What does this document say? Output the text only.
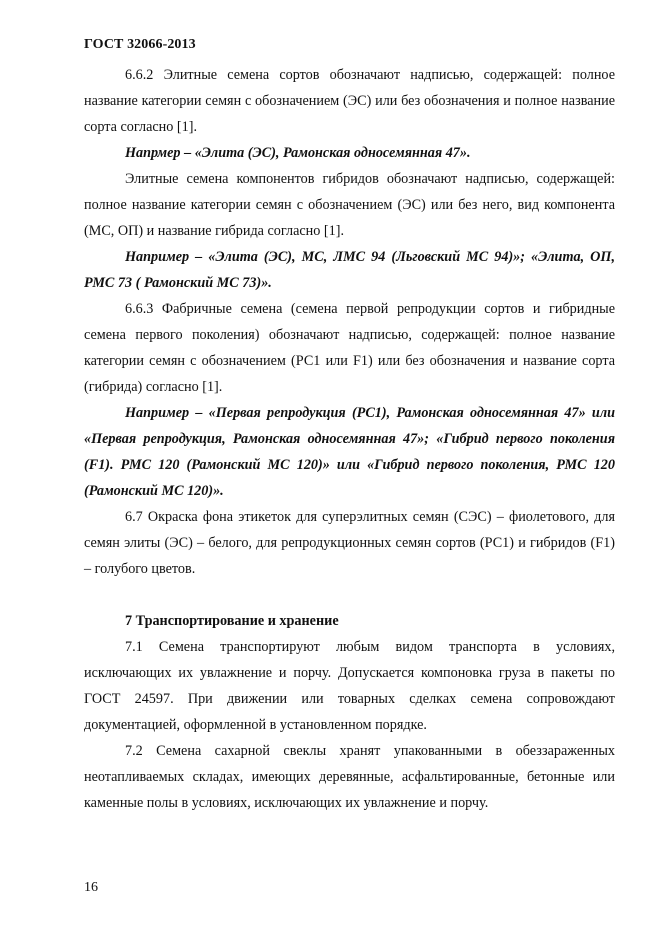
ГОСТ 32066-2013

6.6.2 Элитные семена сортов обозначают надписью, содержащей: полное название категории семян с обозначением (ЭС) или без обозначения и полное название сорта согласно [1].

Напрмер – «Элита (ЭС), Рамонская односемянная 47».

Элитные семена компонентов гибридов обозначают надписью, содержащей: полное название категории семян с обозначением (ЭС) или без него, вид компонента (МС, ОП) и название гибрида согласно [1].

Например – «Элита (ЭС), МС, ЛМС 94 (Льговский МС 94)»; «Элита, ОП, РМС 73 ( Рамонский МС 73)».

6.6.3 Фабричные семена (семена первой репродукции сортов и гибридные семена первого поколения) обозначают надписью, содержащей: полное название категории семян с обозначением (РС1 или F1) или без обозначения и название сорта (гибрида) согласно [1].

Например – «Первая репродукция (РС1), Рамонская односемянная 47» или «Первая репродукция, Рамонская односемянная 47»; «Гибрид первого поколения (F1). РМС 120 (Рамонский МС 120)» или «Гибрид первого поколения, РМС 120 (Рамонский МС 120)».

6.7 Окраска фона этикеток для суперэлитных семян (СЭС) – фиолетового, для семян элиты (ЭС) – белого, для репродукционных семян сортов (РС1) и гибридов (F1) – голубого цветов.

7 Транспортирование и хранение

7.1 Семена транспортируют любым видом транспорта в условиях, исключающих их увлажнение и порчу. Допускается компоновка груза в пакеты по ГОСТ 24597. При движении или товарных сделках семена сопровождают документацией, оформленной в установленном порядке.

7.2 Семена сахарной свеклы хранят упакованными в обеззараженных неотапливаемых складах, имеющих деревянные, асфальтированные, бетонные или каменные полы в условиях, исключающих их увлажнение и порчу.

16
